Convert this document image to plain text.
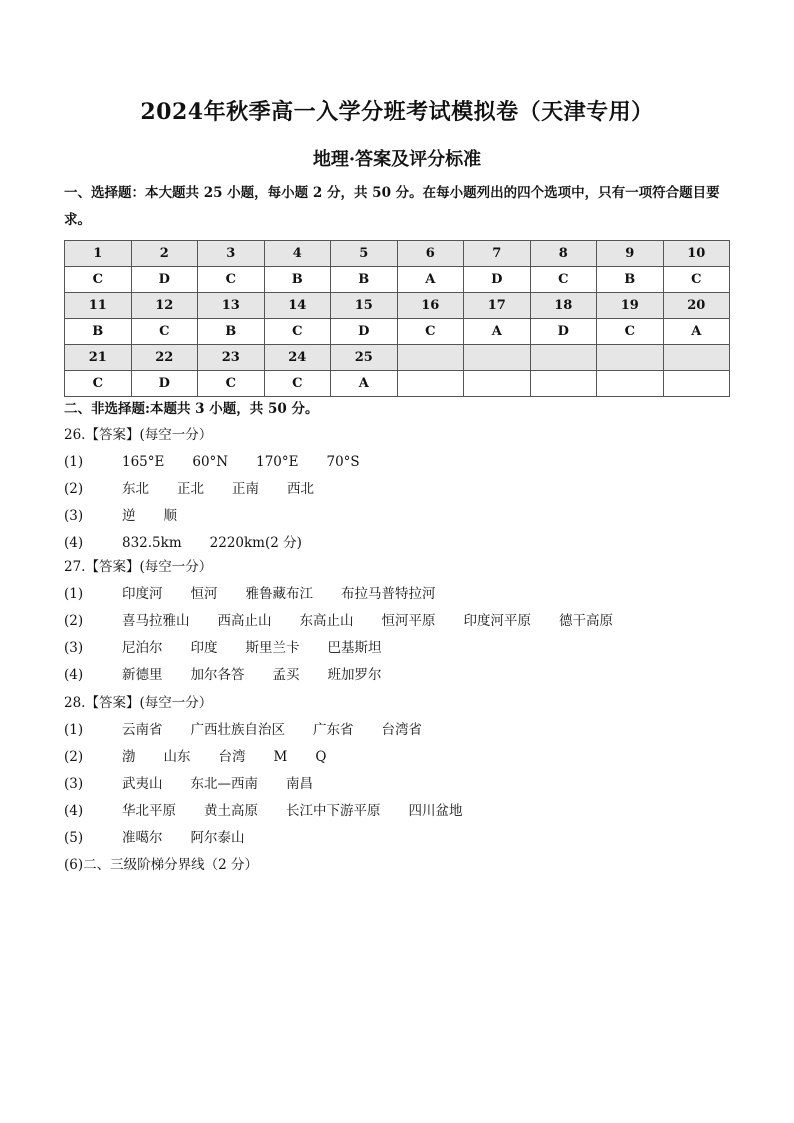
2024年秋季高一入学分班考试模拟卷（天津专用）
地理·答案及评分标准
一、选择题：本大题共 25 小题，每小题 2 分，共 50 分。在每小题列出的四个选项中，只有一项符合题目要求。
1	2	3	4	5	6	7	8	9	10
C	D	C	B	B	A	D	C	B	C
11	12	13	14	15	16	17	18	19	20
B	C	B	C	D	C	A	D	C	A
21	22	23	24	25					
C	D	C	C	A					
二、非选择题:本题共 3 小题，共 50 分。
26.【答案】(每空一分）
(1)	165°E 60°N 170°E 70°S
(2)	东北 正北 正南 西北
(3)	逆 顺
(4)	832.5km 2220km(2 分)
27.【答案】(每空一分）
(1)	印度河 恒河 雅鲁藏布江 布拉马普特拉河
(2)	喜马拉雅山 西高止山 东高止山 恒河平原 印度河平原 德干高原
(3)	尼泊尔 印度 斯里兰卡 巴基斯坦
(4)	新德里 加尔各答 孟买 班加罗尔
28.【答案】(每空一分）
(1)	云南省 广西壮族自治区 广东省 台湾省
(2)	渤 山东 台湾 M Q
(3)	武夷山 东北—西南 南昌
(4)	华北平原 黄土高原 长江中下游平原 四川盆地
(5)	准噶尔 阿尔泰山
(6)二、三级阶梯分界线（2 分）
